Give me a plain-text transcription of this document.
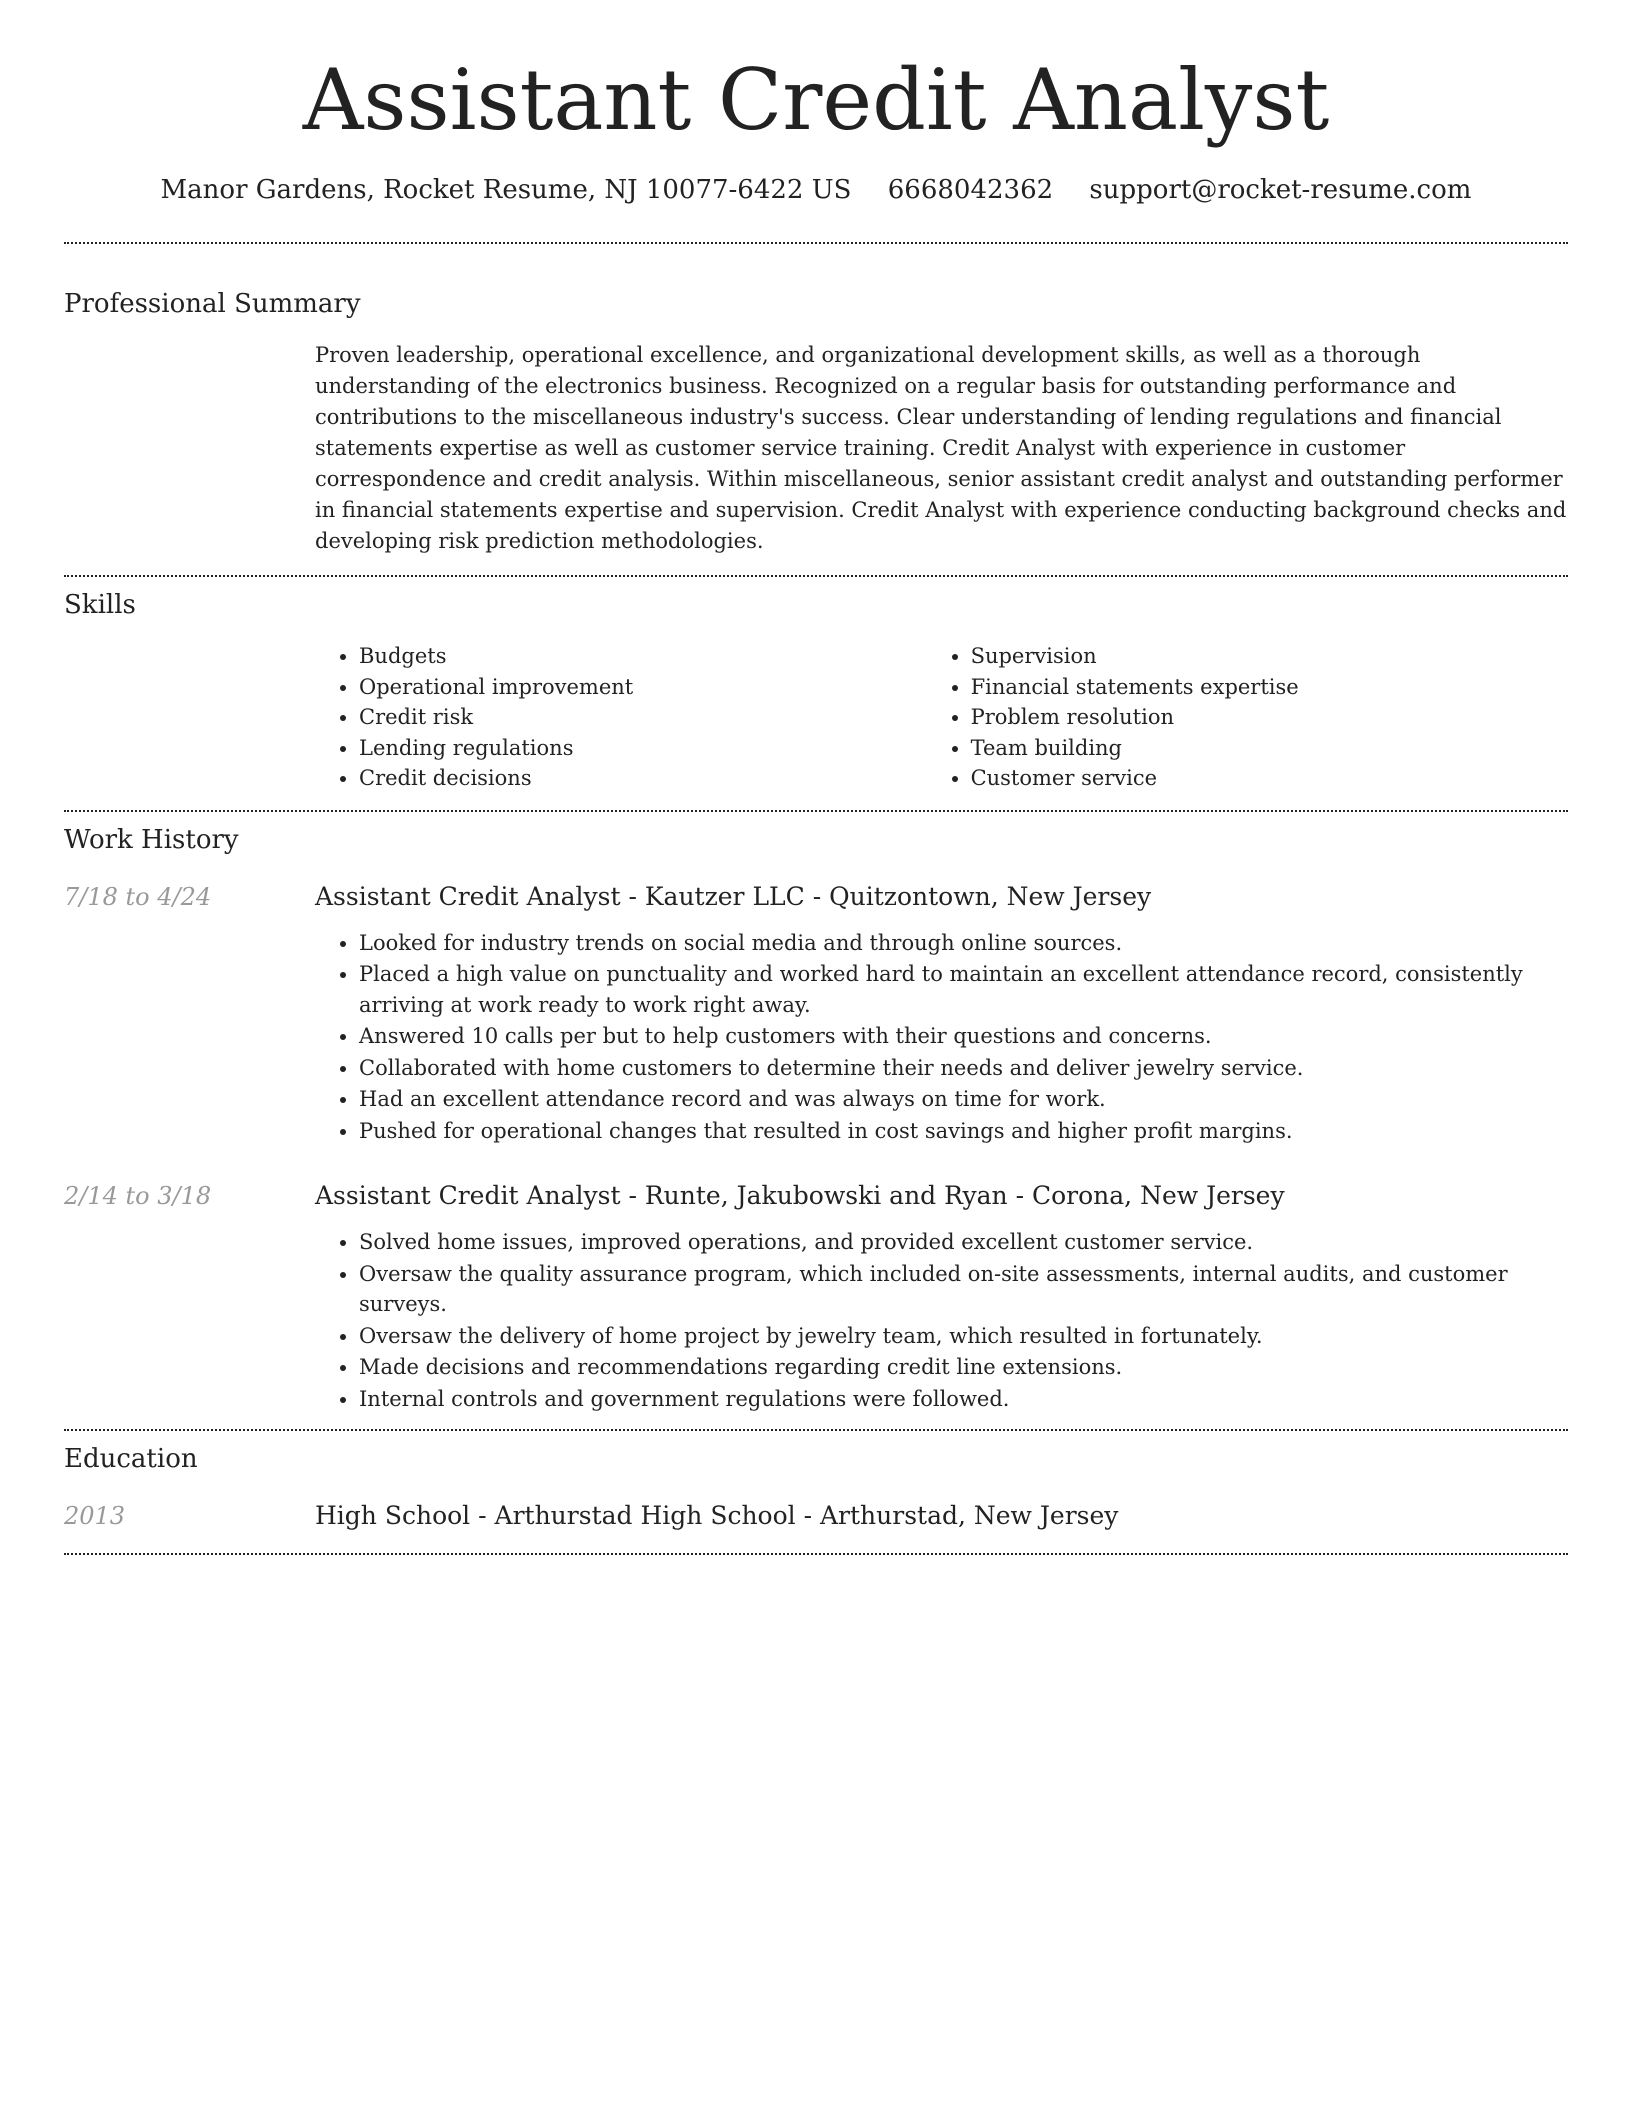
Assistant Credit Analyst
Manor Gardens, Rocket Resume, NJ 10077-6422 US 6668042362 support@rocket-resume.com
Professional Summary

Proven leadership, operational excellence, and organizational development skills, as well as a thorough understanding of the electronics business. Recognized on a regular basis for outstanding performance and contributions to the miscellaneous industry's success. Clear understanding of lending regulations and financial statements expertise as well as customer service training. Credit Analyst with experience in customer correspondence and credit analysis. Within miscellaneous, senior assistant credit analyst and outstanding performer in financial statements expertise and supervision. Credit Analyst with experience conducting background checks and developing risk prediction methodologies.

Skills
• Budgets
• Operational improvement
• Credit risk
• Lending regulations
• Credit decisions
• Supervision
• Financial statements expertise
• Problem resolution
• Team building
• Customer service
Work History
7/18 to 4/24	Assistant Credit Analyst - Kautzer LLC - Quitzontown, New Jersey
• Looked for industry trends on social media and through online sources.
• Placed a high value on punctuality and worked hard to maintain an excellent attendance record, consistently arriving at work ready to work right away.
• Answered 10 calls per but to help customers with their questions and concerns.
• Collaborated with home customers to determine their needs and deliver jewelry service.
• Had an excellent attendance record and was always on time for work.
• Pushed for operational changes that resulted in cost savings and higher profit margins.
2/14 to 3/18	Assistant Credit Analyst - Runte, Jakubowski and Ryan - Corona, New Jersey
• Solved home issues, improved operations, and provided excellent customer service.
• Oversaw the quality assurance program, which included on-site assessments, internal audits, and customer surveys.
• Oversaw the delivery of home project by jewelry team, which resulted in fortunately.
• Made decisions and recommendations regarding credit line extensions.
• Internal controls and government regulations were followed.
Education
2013	High School - Arthurstad High School - Arthurstad, New Jersey
